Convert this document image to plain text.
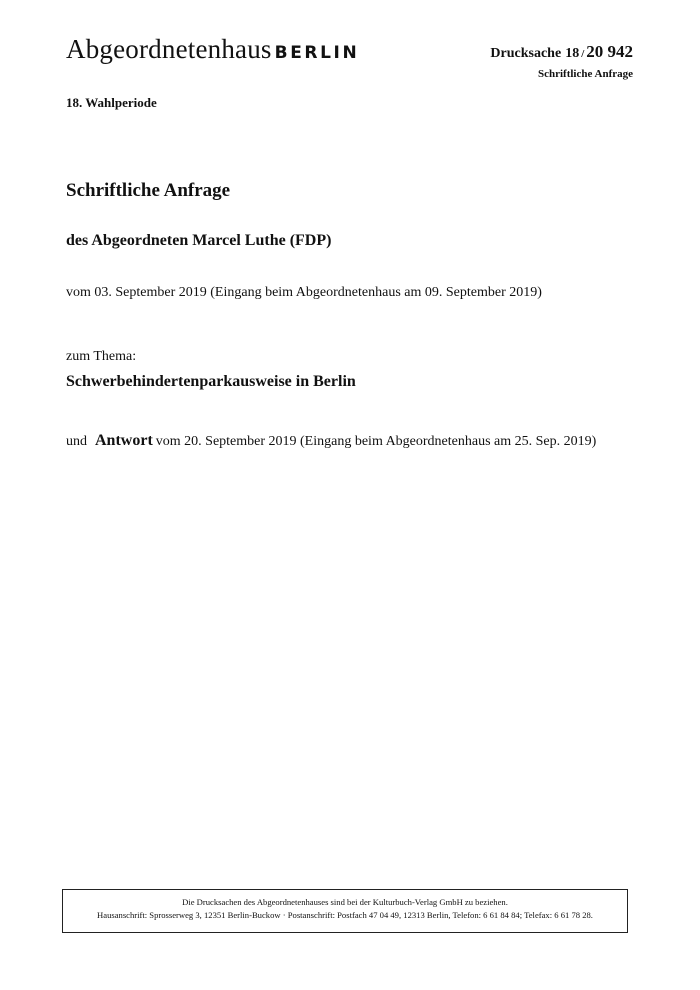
Abgeordnetenhaus BERLIN	Drucksache 18 / 20 942
Schriftliche Anfrage
18. Wahlperiode
Schriftliche Anfrage
des Abgeordneten Marcel Luthe (FDP)
vom 03. September 2019 (Eingang beim Abgeordnetenhaus am 09. September 2019)
zum Thema:
Schwerbehindertenparkausweise in Berlin
und Antwort vom 20. September 2019 (Eingang beim Abgeordnetenhaus am 25. Sep. 2019)
Die Drucksachen des Abgeordnetenhauses sind bei der Kulturbuch-Verlag GmbH zu beziehen.
Hausanschrift: Sprosserweg 3, 12351 Berlin-Buckow · Postanschrift: Postfach 47 04 49, 12313 Berlin, Telefon: 6 61 84 84; Telefax: 6 61 78 28.
